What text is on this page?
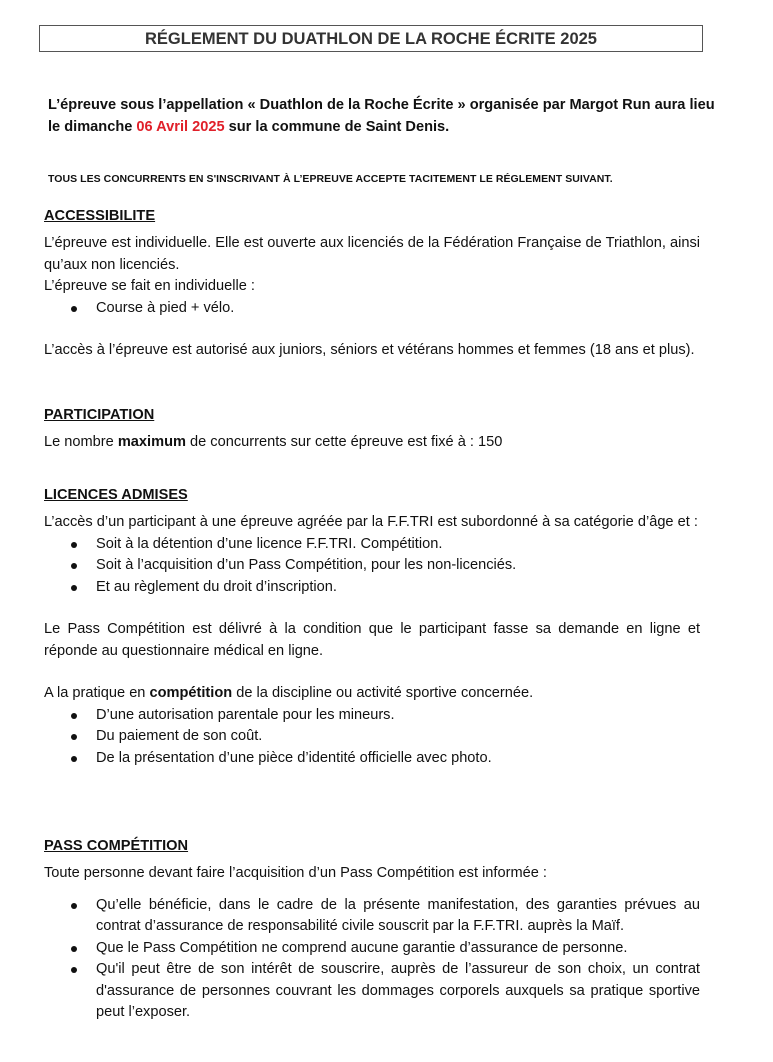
RÉGLEMENT DU DUATHLON DE LA ROCHE ÉCRITE 2025

L’épreuve sous l’appellation « Duathlon de la Roche Écrite » organisée par Margot Run aura lieu le dimanche 06 Avril 2025 sur la commune de Saint Denis.

TOUS LES CONCURRENTS EN S'INSCRIVANT À L’EPREUVE ACCEPTE TACITEMENT LE RÉGLEMENT SUIVANT.

ACCESSIBILITE

L’épreuve est individuelle. Elle est ouverte aux licenciés de la Fédération Française de Triathlon, ainsi qu’aux non licenciés.

L’épreuve se fait en individuelle :

Course à pied + vélo.

L’accès à l’épreuve est autorisé aux juniors, séniors et vétérans hommes et femmes (18 ans et plus).

PARTICIPATION

Le nombre maximum de concurrents sur cette épreuve est fixé à : 150

LICENCES ADMISES

L’accès d’un participant à une épreuve agréée par la F.F.TRI est subordonné à sa catégorie d’âge et :

Soit à la détention d’une licence F.F.TRI. Compétition.
Soit à l’acquisition d’un Pass Compétition, pour les non-licenciés.
Et au règlement du droit d’inscription.

Le Pass Compétition est délivré à la condition que le participant fasse sa demande en ligne et réponde au questionnaire médical en ligne.

A la pratique en compétition de la discipline ou activité sportive concernée.

D’une autorisation parentale pour les mineurs.
Du paiement de son coût.
De la présentation d’une pièce d’identité officielle avec photo.
PASS COMPÉTITION

Toute personne devant faire l’acquisition d’un Pass Compétition est informée :

Qu’elle bénéficie, dans le cadre de la présente manifestation, des garanties prévues au contrat d’assurance de responsabilité civile souscrit par la F.F.TRI. auprès la Maïf.
Que le Pass Compétition ne comprend aucune garantie d’assurance de personne.
Qu'il peut être de son intérêt de souscrire, auprès de l’assureur de son choix, un contrat d'assurance de personnes couvrant les dommages corporels auxquels sa pratique sportive peut l’exposer.
